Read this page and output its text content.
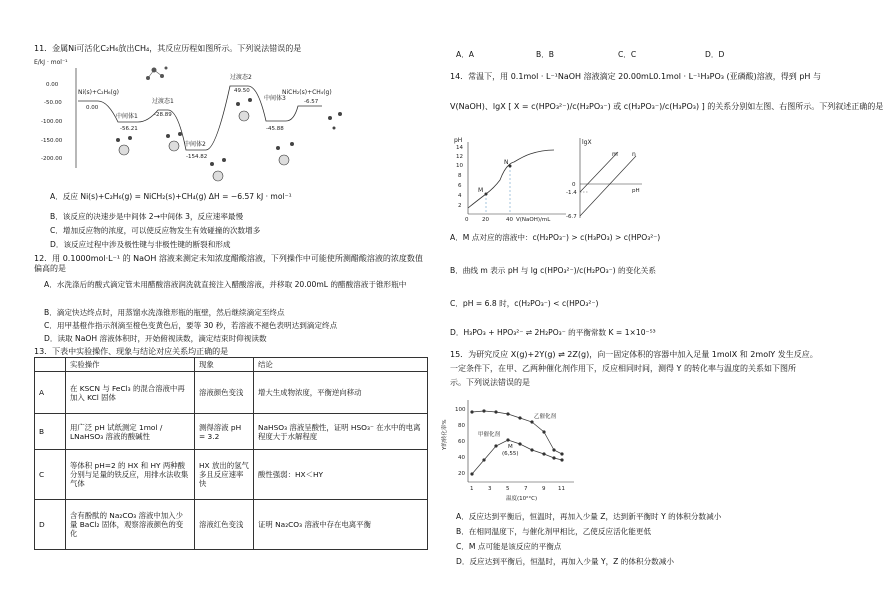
11．金属Ni可活化C₂H₆放出CH₄，其反应历程如图所示。下列说法错误的是
E/kJ · mol⁻¹
0.00
-50.00
-100.00
-150.00
-200.00
Ni(s)+C₂H₆(g)
0.00
中间体1
-56.21
过渡态1
-28.89
中间体2
-154.82
过渡态2
49.50
中间体3
-45.88
NiCH₂(s)+CH₄(g)
-6.57
A．反应 Ni(s)+C₂H₆(g) = NiCH₂(s)+CH₄(g) ΔH = −6.57 kJ · mol⁻¹
B．该反应的决速步是中间体 2→中间体 3，反应速率最慢
C．增加反应物的浓度，可以使反应物发生有效碰撞的次数增多
D．该反应过程中涉及极性键与非极性键的断裂和形成
12．用 0.1000mol·L⁻¹ 的 NaOH 溶液来测定未知浓度醋酸溶液，下列操作中可能使所测醋酸溶液的浓度数值偏高的是
A．水洗涤后的酸式滴定管未用醋酸溶液润洗就直接注入醋酸溶液，并移取 20.00mL 的醋酸溶液于锥形瓶中
B．滴定快达终点时，用蒸馏水洗涤锥形瓶的瓶壁，然后继续滴定至终点
C．用甲基橙作指示剂滴至橙色变黄色后，要等 30 秒，若溶液不褪色表明达到滴定终点
D．读取 NaOH 溶液体积时，开始俯视读数，滴定结束时仰视读数
13．下表中实验操作、现象与结论对应关系均正确的是
	实验操作	现象	结论
A	在 KSCN 与 FeCl₃ 的混合溶液中再加入 KCl 固体	溶液颜色变浅	增大生成物浓度，平衡逆向移动
B	用广泛 pH 试纸测定 1mol / LNaHSO₃ 溶液的酸碱性	测得溶液 pH = 3.2	NaHSO₃ 溶液呈酸性，证明 HSO₃⁻ 在水中的电离程度大于水解程度
C	等体积 pH=2 的 HX 和 HY 两种酸分别与足量的铁反应，用排水法收集气体	HX 放出的氢气多且反应速率快	酸性强弱：HX＜HY
D	含有酚酞的 Na₂CO₃ 溶液中加入少量 BaCl₂ 固体，观察溶液颜色的变化	溶液红色变浅	证明 Na₂CO₃ 溶液中存在电离平衡
A．A	B．B	C．C	D．D
14．常温下，用 0.1mol · L⁻¹NaOH 溶液滴定 20.00mL0.1mol · L⁻¹H₃PO₃ (亚磷酸)溶液，得到 pH 与
V(NaOH)、lgX [ X = c(HPO₃²⁻)/c(H₂PO₃⁻) 或 c(H₂PO₃⁻)/c(H₃PO₃) ] 的关系分别如左图、右图所示。下列叙述正确的是
pH
14
12
10
8
6
4
2
M
N
0 20	40 V(NaOH)/mL
lgX
0
-1.4
-6.7
m n
pH
A．M 点对应的溶液中：c(H₂PO₃⁻) > c(H₃PO₃) > c(HPO₃²⁻)
B．曲线 m 表示 pH 与 lg c(HPO₃²⁻)/c(H₂PO₃⁻) 的变化关系
C．pH = 6.8 时，c(H₂PO₃⁻) < c(HPO₃²⁻)
D．H₃PO₃ + HPO₃²⁻ ⇌ 2H₂PO₃⁻ 的平衡常数 K = 1×10⁻⁵³
15．为研究反应 X(g)+2Y(g) ⇌ 2Z(g)，向一固定体积的容器中加入足量 1molX 和 2molY 发生反应。
一定条件下，在甲、乙两种催化剂作用下，反应相同时间，测得 Y 的转化率与温度的关系如下图所
示。下列说法错误的是
Y的转化率%
100
80
60
40
20
乙催化剂
甲催化剂
M
(6,55)
1	3	5	7	9 11
温度(10²°C)
A．反应达到平衡后，恒温时，再加入少量 Z，达到新平衡时 Y 的体积分数减小
B．在相同温度下，与催化剂甲相比，乙使反应活化能更低
C．M 点可能是该反应的平衡点
D．反应达到平衡后，恒温时，再加入少量 Y，Z 的体积分数减小
